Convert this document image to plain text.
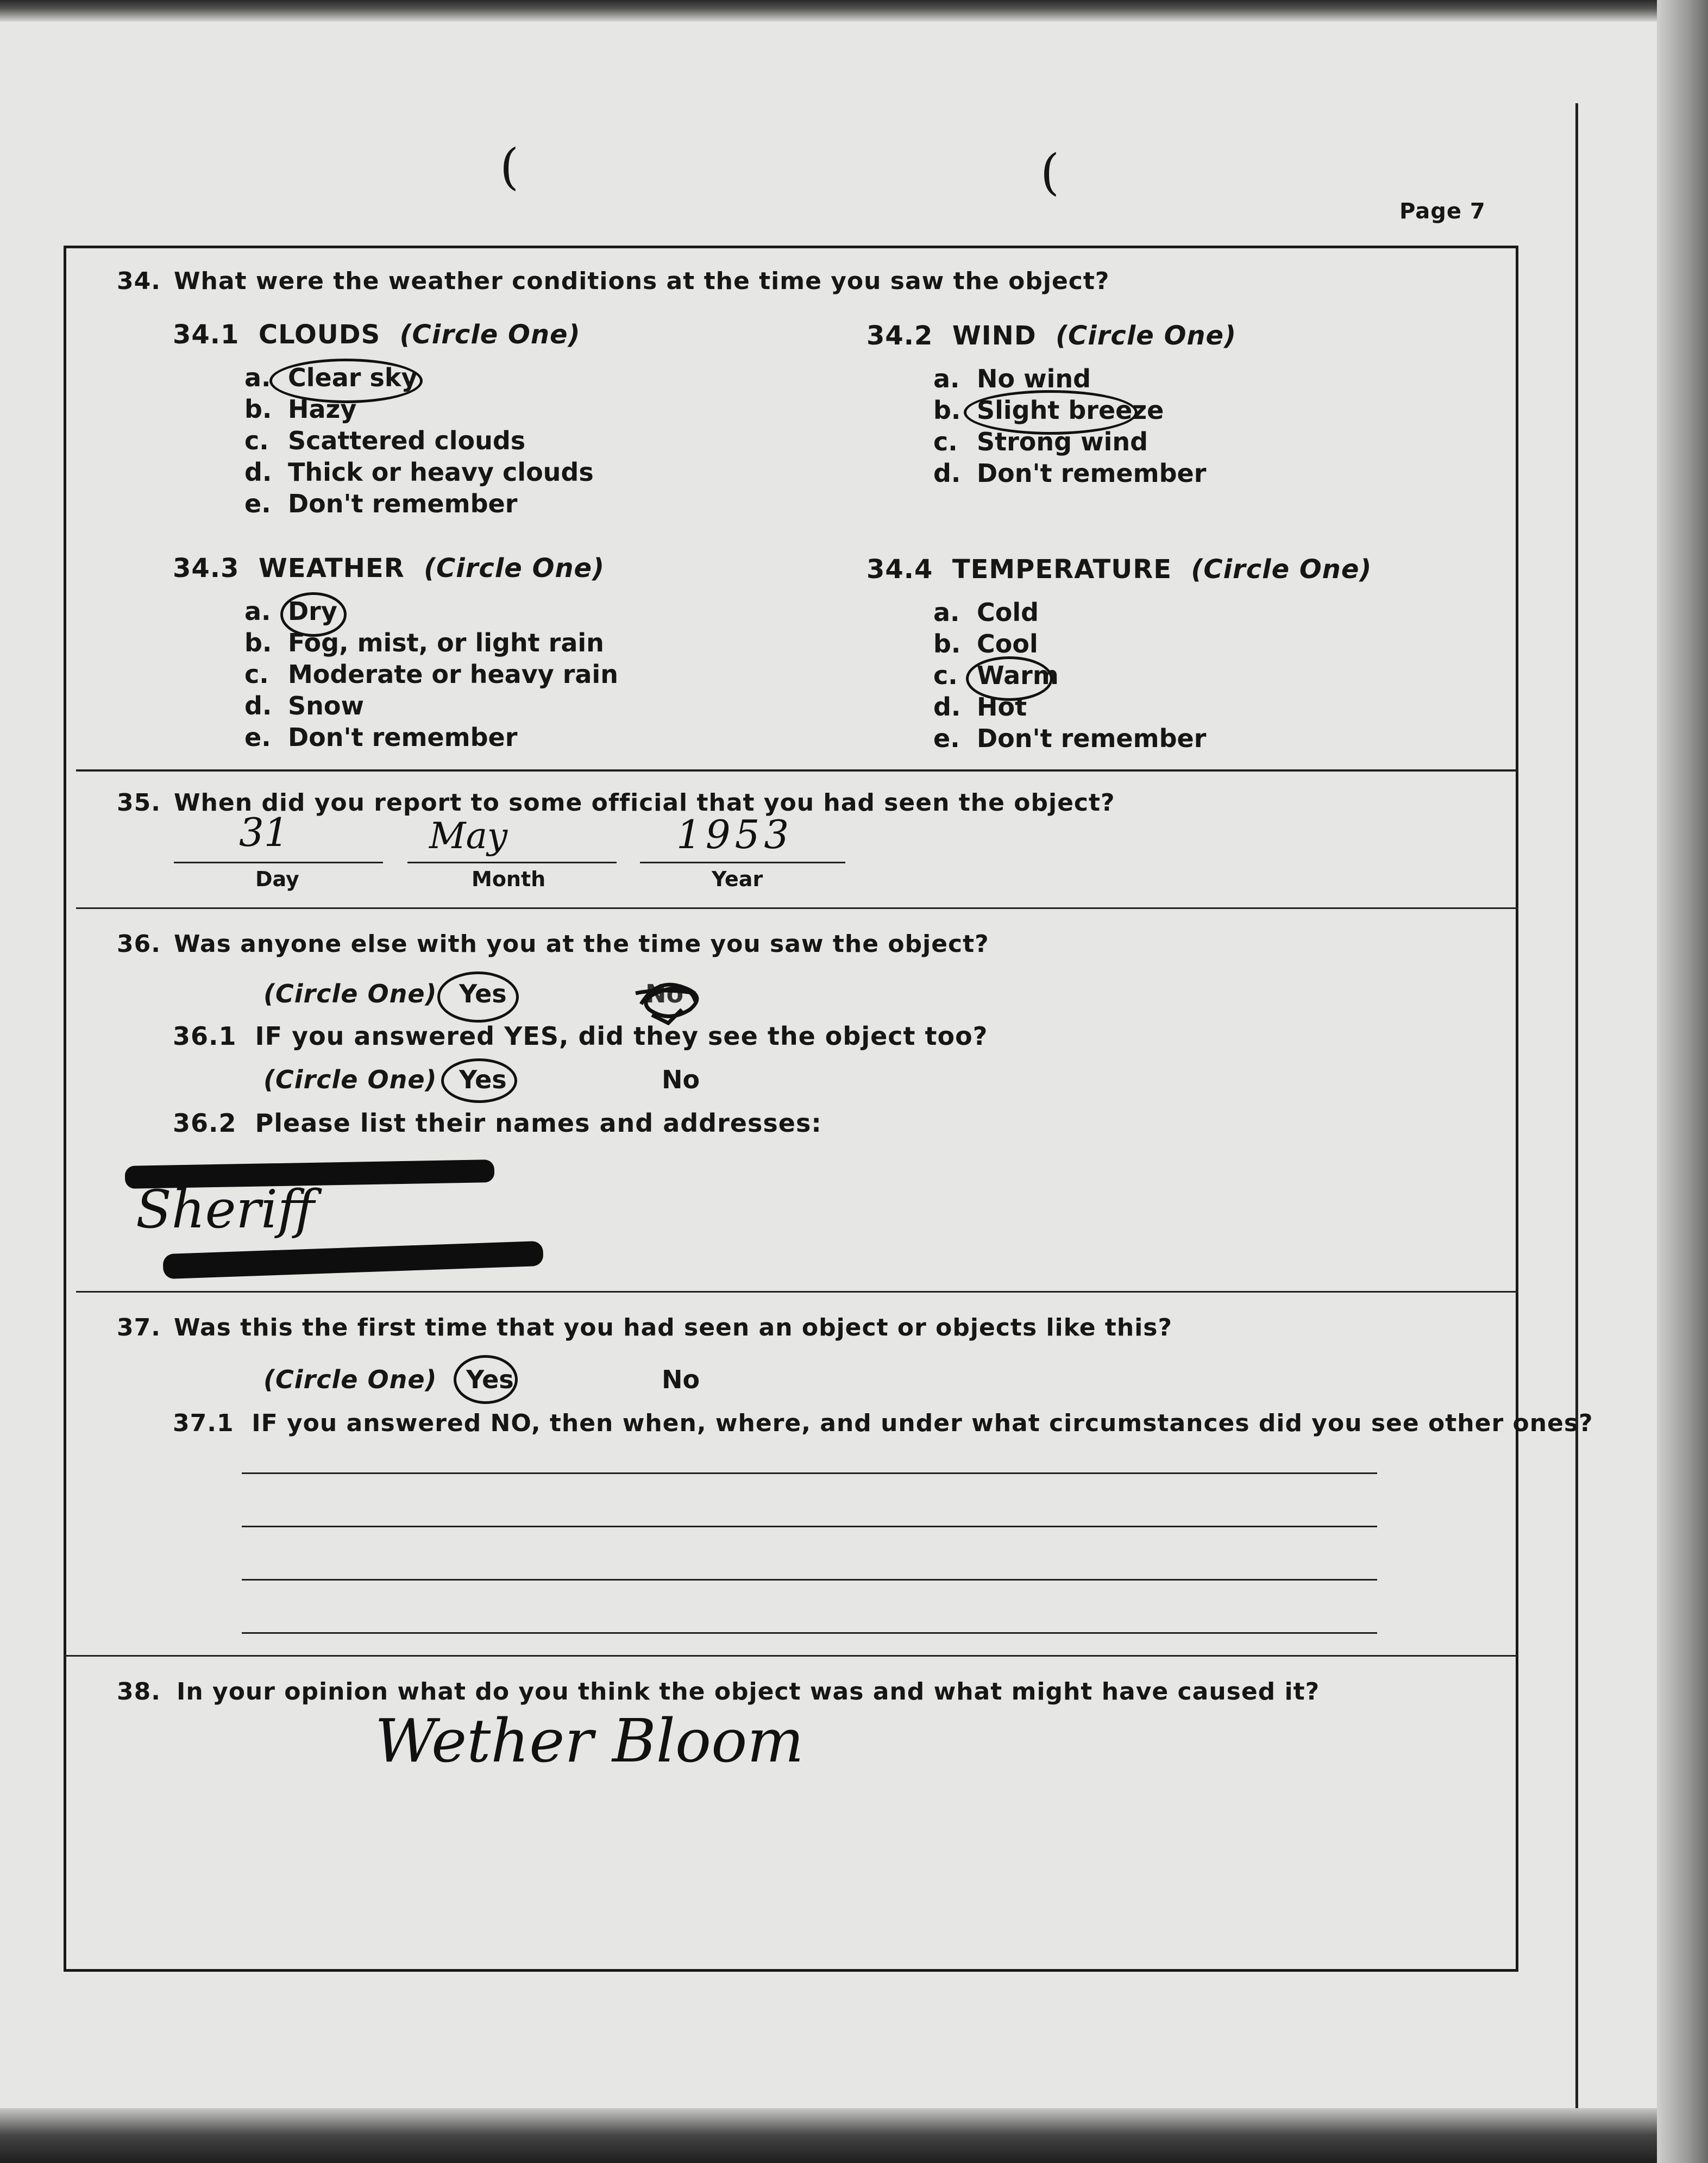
(	(
Page 7
34. What were the weather conditions at the time you saw the object?
34.1 CLOUDS (Circle One)
a. Clear sky
b. Hazy
c. Scattered clouds
d. Thick or heavy clouds
e. Don't remember
34.2 WIND (Circle One)
a. No wind
b. Slight breeze
c. Strong wind
d. Don't remember
34.3 WEATHER (Circle One)
a. Dry
b. Fog, mist, or light rain
c. Moderate or heavy rain
d. Snow
e. Don't remember
34.4 TEMPERATURE (Circle One)
a. Cold
b. Cool
c. Warm
d. Hot
e. Don't remember
35. When did you report to some official that you had seen the object?
31
Day
May
Month
1953
Year
36. Was anyone else with you at the time you saw the object?
(Circle One) Yes	No
36.1 IF you answered YES, did they see the object too?
(Circle One) Yes	No
36.2 Please list their names and addresses:
Sheriff
37. Was this the first time that you had seen an object or objects like this?
(Circle One) Yes	No
37.1 IF you answered NO, then when, where, and under what circumstances did you see other ones?
38. In your opinion what do you think the object was and what might have caused it?
Wether Bloom
